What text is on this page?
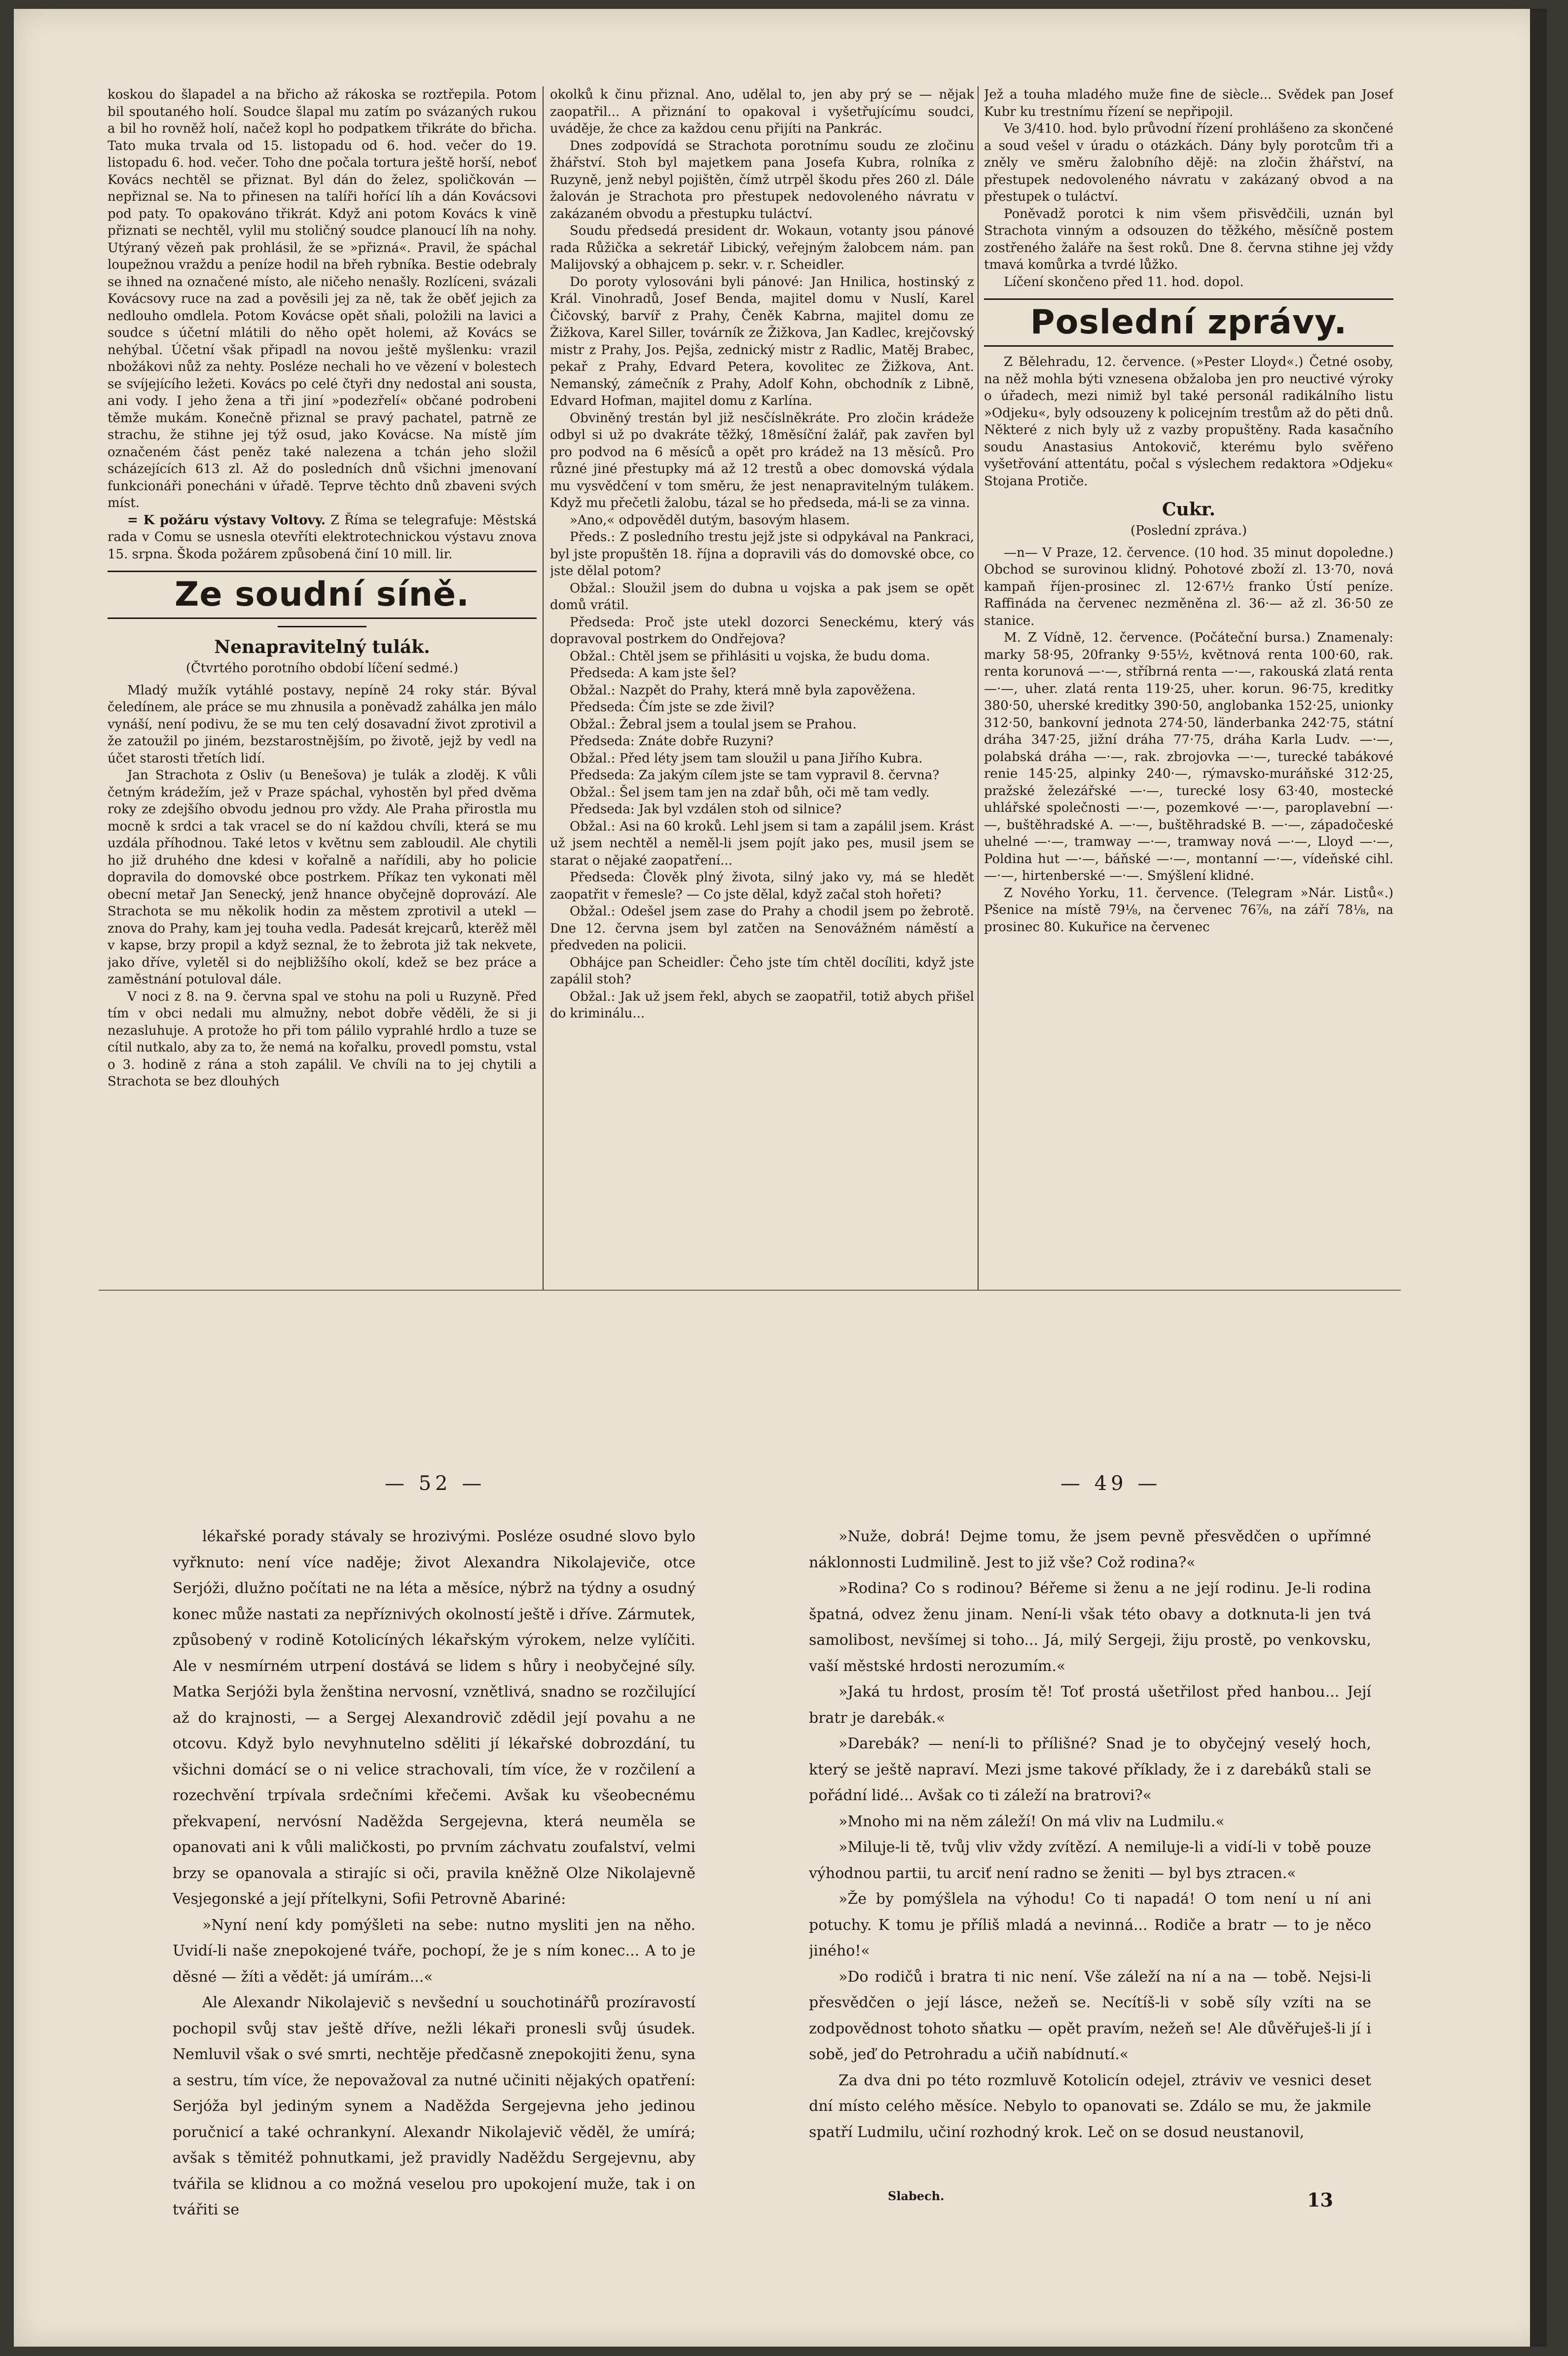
koskou do šlapadel a na břicho až rákoska se roztřepila. Potom bil spoutaného holí. Soudce šlapal mu zatím po svázaných rukou a bil ho rovněž holí, načež kopl ho podpatkem třikráte do břicha. Tato muka trvala od 15. listopadu od 6. hod. večer do 19. listopadu 6. hod. večer. Toho dne počala tortura ještě horší, neboť Kovács nechtěl se přiznat. Byl dán do želez, spoličkován — nepřiznal se. Na to přinesen na talíři hořící líh a dán Kovácsovi pod paty. To opakováno třikrát. Když ani potom Kovács k vině přiznati se nechtěl, vylil mu stoličný soudce planoucí líh na nohy. Utýraný vězeň pak prohlásil, že se »přizná«. Pravil, že spáchal loupežnou vraždu a peníze hodil na břeh rybníka. Bestie odebraly se ihned na označené místo, ale ničeho nenašly. Rozlíceni, svázali Kovácsovy ruce na zad a pověsili jej za ně, tak že oběť jejich za nedlouho omdlela. Potom Kovácse opět sňali, položili na lavici a soudce s účetní mlátili do něho opět holemi, až Kovács se nehýbal. Účetní však připadl na novou ještě myšlenku: vrazil nbožákovi nůž za nehty. Posléze nechali ho ve vězení v bolestech se svíjejícího ležeti. Kovács po celé čtyři dny nedostal ani sousta, ani vody. I jeho žena a tři jiní »podezřelí« občané podrobeni těmže mukám. Konečně přiznal se pravý pachatel, patrně ze strachu, že stihne jej týž osud, jako Kovácse. Na místě jím označeném část peněz také nalezena a tchán jeho složil scházejících 613 zl. Až do posledních dnů všichni jmenovaní funkcionáři ponecháni v úřadě. Teprve těchto dnů zbaveni svých míst.

= K požáru výstavy Voltovy. Z Říma se telegrafuje: Městská rada v Comu se usnesla otevříti elektrotechnickou výstavu znova 15. srpna. Škoda požárem způsobená činí 10 mill. lir.

Ze soudní síně.
Nenapravitelný tulák.
(Čtvrtého porotního období líčení sedmé.)

Mladý mužík vytáhlé postavy, nepíně 24 roky stár. Býval čeledínem, ale práce se mu zhnusila a poněvadž zahálka jen málo vynáší, není podivu, že se mu ten celý dosavadní život zprotivil a že zatoužil po jiném, bezstarostnějším, po životě, jejž by vedl na účet starosti třetích lidí.

Jan Strachota z Osliv (u Benešova) je tulák a zloděj. K vůli četným krádežím, jež v Praze spáchal, vyhostěn byl před dvěma roky ze zdejšího obvodu jednou pro vždy. Ale Praha přirostla mu mocně k srdci a tak vracel se do ní každou chvíli, která se mu uzdála příhodnou. Také letos v květnu sem zabloudil. Ale chytili ho již druhého dne kdesi v kořalně a nařídili, aby ho policie dopravila do domovské obce postrkem. Příkaz ten vykonati měl obecní metař Jan Senecký, jenž hnance obyčejně doprovází. Ale Strachota se mu několik hodin za městem zprotivil a utekl — znova do Prahy, kam jej touha vedla. Padesát krejcarů, kterěž měl v kapse, brzy propil a když seznal, že to žebrota již tak nekvete, jako dříve, vyletěl si do nejbližšího okolí, kdež se bez práce a zaměstnání potuloval dále.

V noci z 8. na 9. června spal ve stohu na poli u Ruzyně. Před tím v obci nedali mu almužny, nebot dobře věděli, že si ji nezasluhuje. A protože ho při tom pálilo vyprahlé hrdlo a tuze se cítil nutkalo, aby za to, že nemá na kořalku, provedl pomstu, vstal o 3. hodině z rána a stoh zapálil. Ve chvíli na to jej chytili a Strachota se bez dlouhých

okolků k činu přiznal. Ano, udělal to, jen aby prý se — nějak zaopatřil... A přiznání to opakoval i vyšetřujícímu soudci, uváděje, že chce za každou cenu přijíti na Pankrác.

Dnes zodpovídá se Strachota porotnímu soudu ze zločinu žhářství. Stoh byl majetkem pana Josefa Kubra, rolníka z Ruzyně, jenž nebyl pojištěn, čímž utrpěl škodu přes 260 zl. Dále žalován je Strachota pro přestupek nedovoleného návratu v zakázaném obvodu a přestupku tuláctví.

Soudu předsedá president dr. Wokaun, votanty jsou pánové rada Růžička a sekretář Libický, veřejným žalobcem nám. pan Malijovský a obhajcem p. sekr. v. r. Scheidler.

Do poroty vylosováni byli pánové: Jan Hnilica, hostinský z Král. Vinohradů, Josef Benda, majitel domu v Nuslí, Karel Čičovský, barvíř z Prahy, Čeněk Kabrna, majitel domu ze Žižkova, Karel Siller, továrník ze Žižkova, Jan Kadlec, krejčovský mistr z Prahy, Jos. Pejša, zednický mistr z Radlic, Matěj Brabec, pekař z Prahy, Edvard Petera, kovolitec ze Žižkova, Ant. Nemanský, zámečník z Prahy, Adolf Kohn, obchodník z Libně, Edvard Hofman, majitel domu z Karlína.

Obviněný trestán byl již nesčíslněkráte. Pro zločin krádeže odbyl si už po dvakráte těžký, 18měsíční žalář, pak zavřen byl pro podvod na 6 měsíců a opět pro krádež na 13 měsíců. Pro různé jiné přestupky má až 12 trestů a obec domovská výdala mu vysvědčení v tom směru, že jest nenapravitelným tulákem. Když mu přečetli žalobu, tázal se ho předseda, má-li se za vinna.

»Ano,« odpověděl dutým, basovým hlasem.

Předs.: Z posledního trestu jejž jste si odpykával na Pankraci, byl jste propuštěn 18. října a dopravili vás do domovské obce, co jste dělal potom?

Obžal.: Sloužil jsem do dubna u vojska a pak jsem se opět domů vrátil.

Předseda: Proč jste utekl dozorci Seneckému, který vás dopravoval postrkem do Ondřejova?

Obžal.: Chtěl jsem se přihlásiti u vojska, že budu doma.

Předseda: A kam jste šel?

Obžal.: Nazpět do Prahy, která mně byla zapověžena.

Předseda: Čím jste se zde živil?

Obžal.: Žebral jsem a toulal jsem se Prahou.

Předseda: Znáte dobře Ruzyni?

Obžal.: Před léty jsem tam sloužil u pana Jiřího Kubra.

Předseda: Za jakým cílem jste se tam vypravil 8. června?

Obžal.: Šel jsem tam jen na zdař bůh, oči mě tam vedly.

Předseda: Jak byl vzdálen stoh od silnice?

Obžal.: Asi na 60 kroků. Lehl jsem si tam a zapálil jsem. Krást už jsem nechtěl a neměl-li jsem pojít jako pes, musil jsem se starat o nějaké zaopatření...

Předseda: Člověk plný života, silný jako vy, má se hledět zaopatřit v řemesle? — Co jste dělal, když začal stoh hořeti?

Obžal.: Odešel jsem zase do Prahy a chodil jsem po žebrotě. Dne 12. června jsem byl zatčen na Senovážném náměstí a předveden na policii.

Obhájce pan Scheidler: Čeho jste tím chtěl docíliti, když jste zapálil stoh?

Obžal.: Jak už jsem řekl, abych se zaopatřil, totiž abych přišel do kriminálu...

Jež a touha mladého muže fine de siècle... Svědek pan Josef Kubr ku trestnímu řízení se nepřipojil.

Ve 3/410. hod. bylo průvodní řízení prohlášeno za skončené a soud vešel v úradu o otázkách. Dány byly porotcům tři a zněly ve směru žalobního dějě: na zločin žhářství, na přestupek nedovoleného návratu v zakázaný obvod a na přestupek o tuláctví.

Poněvadž porotci k nim všem přisvědčili, uznán byl Strachota vinným a odsouzen do těžkého, měsíčně postem zostřeného žaláře na šest roků. Dne 8. června stihne jej vždy tmavá komůrka a tvrdé lůžko.

Líčení skončeno před 11. hod. dopol.

Poslední zprávy.

Z Bělehradu, 12. července. (»Pester Lloyd«.) Četné osoby, na něž mohla býti vznesena obžaloba jen pro neuctivé výroky o úřadech, mezi nimiž byl také personál radikálního listu »Odjeku«, byly odsouzeny k policejním trestům až do pěti dnů. Některé z nich byly už z vazby propuštěny. Rada kasačního soudu Anastasius Antokovič, kterému bylo svěřeno vyšetřování attentátu, počal s výslechem redaktora »Odjeku« Stojana Protiče.

Cukr.
(Poslední zpráva.)

—n— V Praze, 12. července. (10 hod. 35 minut dopoledne.) Obchod se surovinou klidný. Pohotové zboží zl. 13·70, nová kampaň říjen-prosinec zl. 12·67½ franko Ústí peníze. Raffináda na červenec nezměněna zl. 36·— až zl. 36·50 ze stanice.

M. Z Vídně, 12. července. (Počáteční bursa.) Znamenaly: marky 58·95, 20franky 9·55½, květnová renta 100·60, rak. renta korunová —·—, stříbrná renta —·—, rakouská zlatá renta —·—, uher. zlatá renta 119·25, uher. korun. 96·75, kreditky 380·50, uherské kreditky 390·50, anglobanka 152·25, unionky 312·50, bankovní jednota 274·50, länderbanka 242·75, státní dráha 347·25, jižní dráha 77·75, dráha Karla Ludv. —·—, polabská dráha —·—, rak. zbrojovka —·—, turecké tabákové renie 145·25, alpinky 240·—, rýmavsko-muráňské 312·25, pražské železářské —·—, turecké losy 63·40, mostecké uhlářské společnosti —·—, pozemkové —·—, paroplavební —·—, buštěhradské A. —·—, buštěhradské B. —·—, západočeské uhelné —·—, tramway —·—, tramway nová —·—, Lloyd —·—, Poldina hut —·—, báňské —·—, montanní —·—, vídeňské cihl. —·—, hirtenberské —·—. Smýšlení klidné.

Z Nového Yorku, 11. července. (Telegram »Nár. Listů«.) Pšenice na místě 79⅛, na červenec 76⅞, na září 78⅛, na prosinec 80. Kukuřice na červenec

— 52 —	— 49 —

lékařské porady stávaly se hrozivými. Posléze osudné slovo bylo vyřknuto: není více naděje; život Alexandra Nikolajeviče, otce Serjóži, dlužno počítati ne na léta a měsíce, nýbrž na týdny a osudný konec může nastati za nepříznivých okolností ještě i dříve. Zármutek, způsobený v rodině Kotolicíných lékařským výrokem, nelze vylíčiti. Ale v nesmírném utrpení dostává se lidem s hůry i neobyčejné síly. Matka Serjóži byla ženština nervosní, vznětlivá, snadno se rozčilující až do krajnosti, — a Sergej Alexandrovič zdědil její povahu a ne otcovu. Když bylo nevyhnutelno sděliti jí lékařské dobrozdání, tu všichni domácí se o ni velice strachovali, tím více, že v rozčilení a rozechvění trpívala srdečními křečemi. Avšak ku všeobecnému překvapení, nervósní Naděžda Sergejevna, která neuměla se opanovati ani k vůli maličkosti, po prvním záchvatu zoufalství, velmi brzy se opanovala a stirajíc si oči, pravila kněžně Olze Nikolajevně Vesjegonské a její přítelkyni, Sofii Petrovně Abariné:

»Nyní není kdy pomýšleti na sebe: nutno mysliti jen na něho. Uvidí-li naše znepokojené tváře, pochopí, že je s ním konec... A to je děsné — žíti a vědět: já umírám...«

Ale Alexandr Nikolajevič s nevšední u souchotinářů prozíravostí pochopil svůj stav ještě dříve, nežli lékaři pronesli svůj úsudek. Nemluvil však o své smrti, nechtěje předčasně znepokojiti ženu, syna a sestru, tím více, že nepovažoval za nutné učiniti nějakých opatření: Serjóža byl jediným synem a Naděžda Sergejevna jeho jedinou poručnicí a také ochrankyní. Alexandr Nikolajevič věděl, že umírá; avšak s těmitéž pohnutkami, jež pravidly Naděždu Sergejevnu, aby tvářila se klidnou a co možná veselou pro upokojení muže, tak i on tvářiti se

»Nuže, dobrá! Dejme tomu, že jsem pevně přesvědčen o upřímné náklonnosti Ludmilině. Jest to již vše? Což rodina?«

»Rodina? Co s rodinou? Béřeme si ženu a ne její rodinu. Je-li rodina špatná, odvez ženu jinam. Není-li však této obavy a dotknuta-li jen tvá samolibost, nevšímej si toho... Já, milý Sergeji, žiju prostě, po venkovsku, vaší městské hrdosti nerozumím.«

»Jaká tu hrdost, prosím tě! Toť prostá ušetřilost před hanbou... Její bratr je darebák.«

»Darebák? — není-li to přílišné? Snad je to obyčejný veselý hoch, který se ještě napraví. Mezi jsme takové příklady, že i z darebáků stali se pořádní lidé... Avšak co ti záleží na bratrovi?«

»Mnoho mi na něm záleží! On má vliv na Ludmilu.«

»Miluje-li tě, tvůj vliv vždy zvítězí. A nemiluje-li a vidí-li v tobě pouze výhodnou partii, tu arciť není radno se ženiti — byl bys ztracen.«

»Že by pomýšlela na výhodu! Co ti napadá! O tom není u ní ani potuchy. K tomu je příliš mladá a nevinná... Rodiče a bratr — to je něco jiného!«

»Do rodičů i bratra ti nic není. Vše záleží na ní a na — tobě. Nejsi-li přesvědčen o její lásce, nežeň se. Necítíš-li v sobě síly vzíti na se zodpovědnost tohoto sňatku — opět pravím, nežeň se! Ale důvěřuješ-li jí i sobě, jeď do Petrohradu a učiň nabídnutí.«

Za dva dni po této rozmluvě Kotolicín odejel, ztráviv ve vesnici deset dní místo celého měsíce. Nebylo to opanovati se. Zdálo se mu, že jakmile spatří Ludmilu, učiní rozhodný krok. Leč on se dosud neustanovil,

Slabech.	13
